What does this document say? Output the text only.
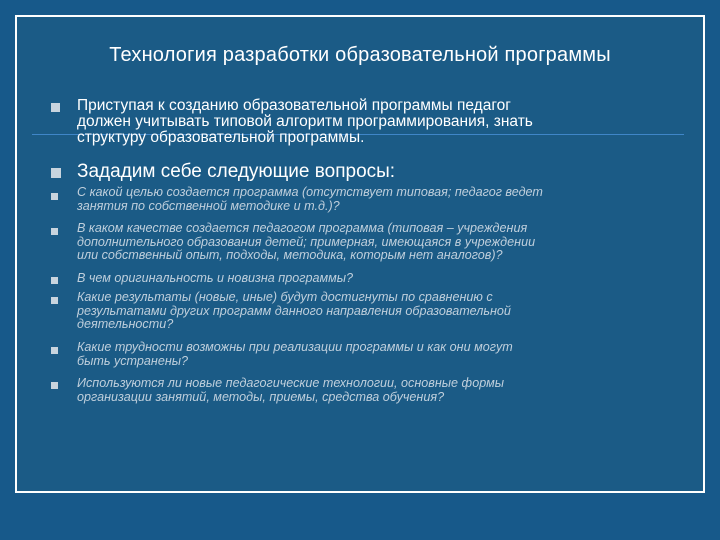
Технология разработки образовательной программы
Приступая к созданию образовательной программы педагог
должен учитывать типовой алгоритм программирования, знать
структуру образовательной программы.
Зададим себе следующие вопросы:
С какой целью создается программа (отсутствует типовая; педагог ведет
занятия по собственной методике и т.д.)?
В каком качестве создается педагогом программа (типовая – учреждения
дополнительного образования детей; примерная, имеющаяся в учреждении
или собственный опыт, подходы, методика, которым нет аналогов)?
В чем оригинальность и новизна программы?
Какие результаты (новые, иные) будут достигнуты по сравнению с
результатами других программ данного направления образовательной
деятельности?
Какие трудности возможны при реализации программы и как они могут
быть устранены?
Используются ли новые педагогические технологии, основные формы
организации занятий, методы, приемы, средства обучения?
